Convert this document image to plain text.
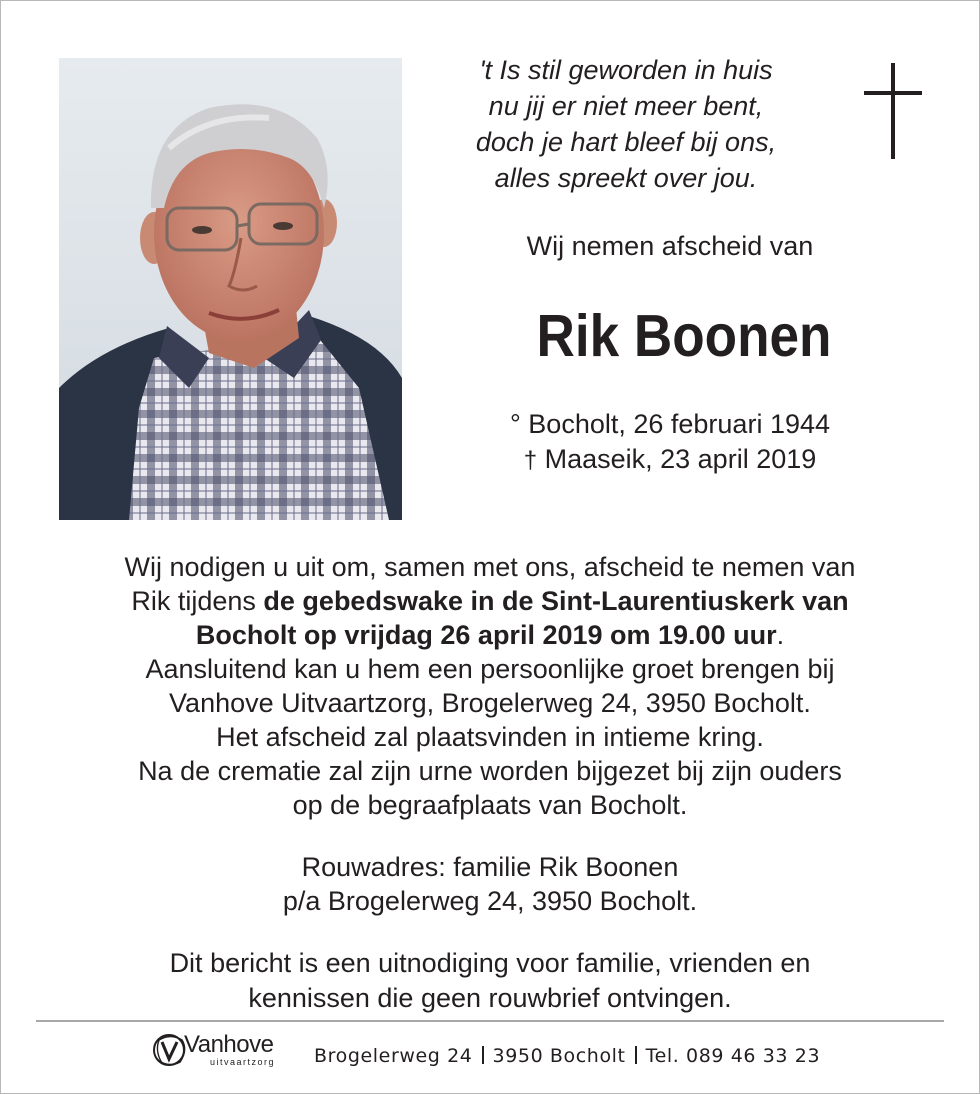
't Is stil geworden in huis
nu jij er niet meer bent,
doch je hart bleef bij ons,
alles spreekt over jou.
Wij nemen afscheid van
Rik Boonen
° Bocholt, 26 februari 1944
† Maaseik, 23 april 2019
Wij nodigen u uit om, samen met ons, afscheid te nemen van
Rik tijdens de gebedswake in de Sint-Laurentiuskerk van
Bocholt op vrijdag 26 april 2019 om 19.00 uur.
Aansluitend kan u hem een persoonlijke groet brengen bij
Vanhove Uitvaartzorg, Brogelerweg 24, 3950 Bocholt.
Het afscheid zal plaatsvinden in intieme kring.
Na de crematie zal zijn urne worden bijgezet bij zijn ouders
op de begraafplaats van Bocholt.
Rouwadres: familie Rik Boonen
p/a Brogelerweg 24, 3950 Bocholt.
Dit bericht is een uitnodiging voor familie, vrienden en
kennissen die geen rouwbrief ontvingen.
Vanhove
uitvaartzorg Brogelerweg 24 3950 Bocholt Tel. 089 46 33 23
